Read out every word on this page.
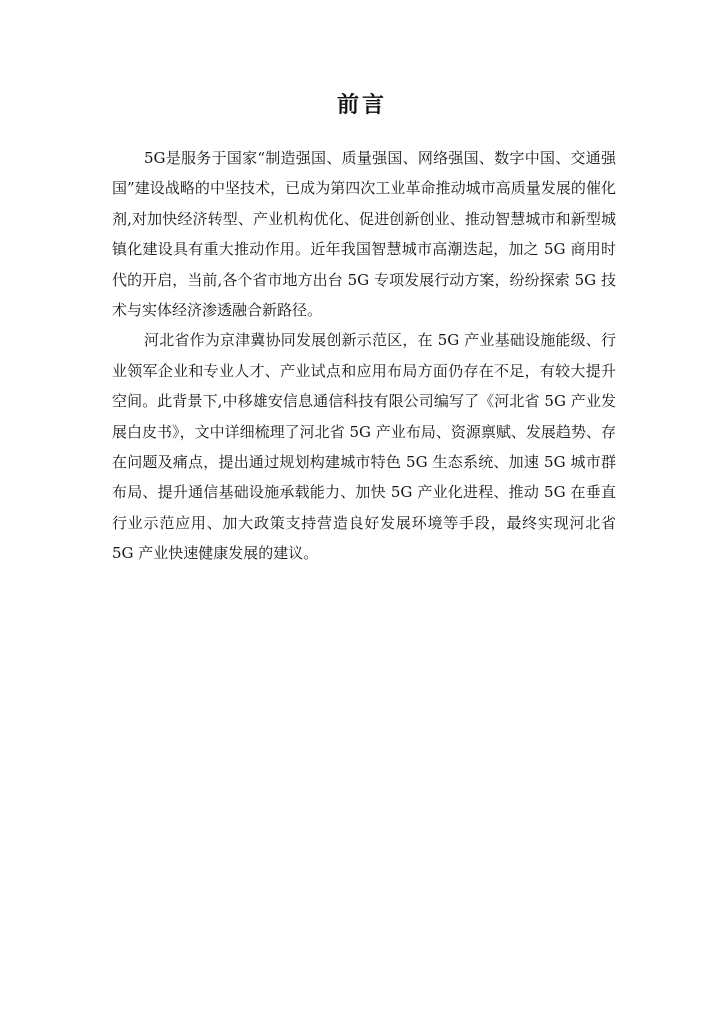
前言

5G是服务于国家“制造强国、质量强国、网络强国、数字中国、交通强国”建设战略的中坚技术，已成为第四次工业革命推动城市高质量发展的催化剂,对加快经济转型、产业机构优化、促进创新创业、推动智慧城市和新型城镇化建设具有重大推动作用。近年我国智慧城市高潮迭起，加之 5G 商用时代的开启，当前,各个省市地方出台 5G 专项发展行动方案，纷纷探索 5G 技术与实体经济渗透融合新路径。

河北省作为京津冀协同发展创新示范区，在 5G 产业基础设施能级、行业领军企业和专业人才、产业试点和应用布局方面仍存在不足，有较大提升空间。此背景下,中移雄安信息通信科技有限公司编写了《河北省 5G 产业发展白皮书》，文中详细梳理了河北省 5G 产业布局、资源禀赋、发展趋势、存在问题及痛点，提出通过规划构建城市特色 5G 生态系统、加速 5G 城市群布局、提升通信基础设施承载能力、加快 5G 产业化进程、推动 5G 在垂直行业示范应用、加大政策支持营造良好发展环境等手段，最终实现河北省 5G 产业快速健康发展的建议。
